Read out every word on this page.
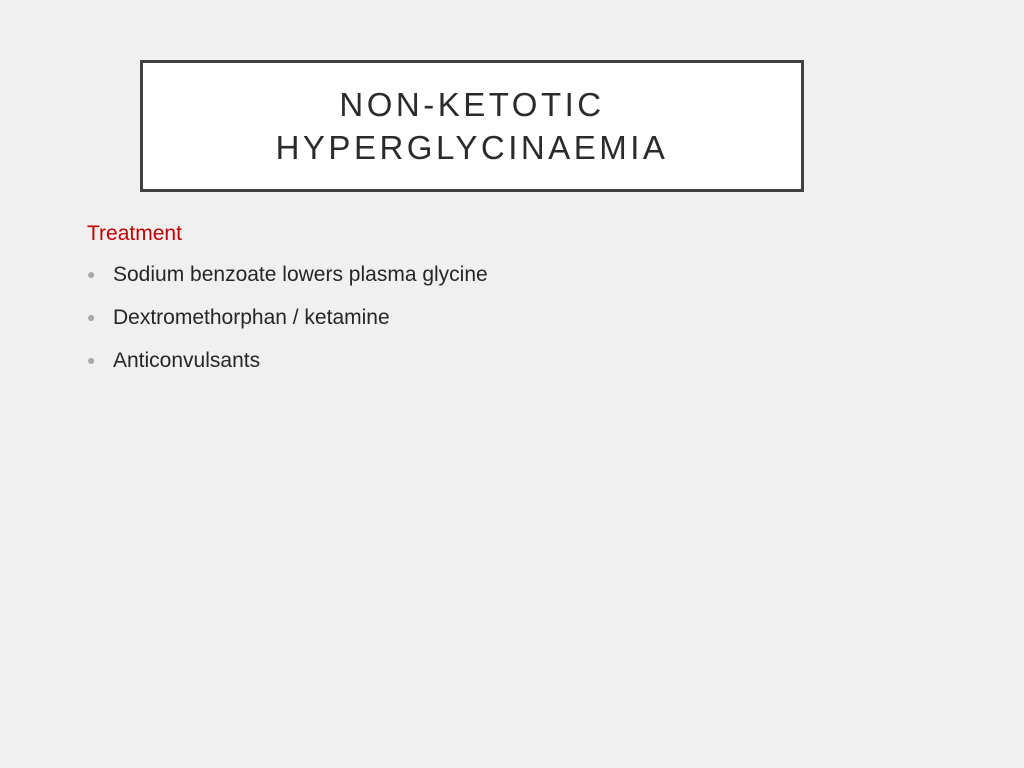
NON-KETOTIC
HYPERGLYCINAEMIA
Treatment
● Sodium benzoate lowers plasma glycine
● Dextromethorphan / ketamine
● Anticonvulsants
